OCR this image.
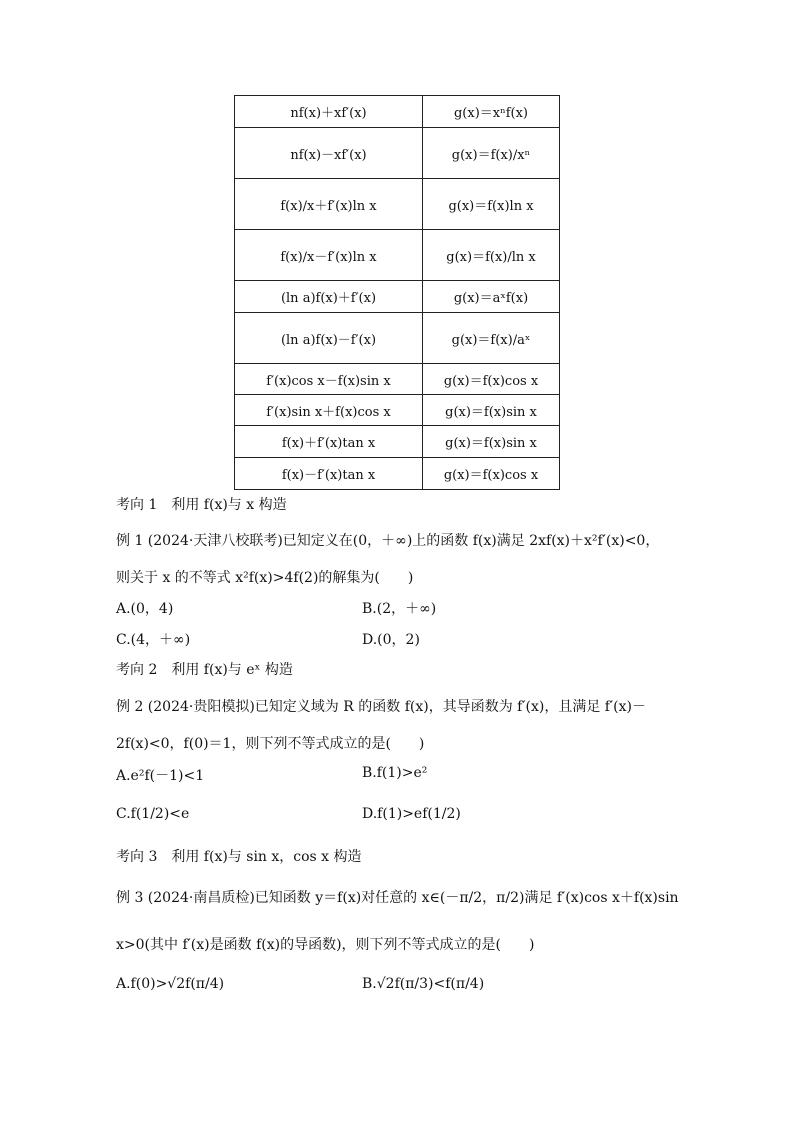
nf(x)＋xf′(x)	g(x)＝xⁿf(x)
nf(x)－xf′(x)	g(x)＝f(x)/xⁿ
f(x)/x＋f′(x)ln x	g(x)＝f(x)ln x
f(x)/x－f′(x)ln x	g(x)＝f(x)/ln x
(ln a)f(x)＋f′(x)	g(x)＝aˣf(x)
(ln a)f(x)－f′(x)	g(x)＝f(x)/aˣ
f′(x)cos x－f(x)sin x	g(x)＝f(x)cos x
f′(x)sin x＋f(x)cos x	g(x)＝f(x)sin x
f(x)＋f′(x)tan x	g(x)＝f(x)sin x
f(x)－f′(x)tan x	g(x)＝f(x)cos x
考向 1　利用 f(x)与 x 构造
例 1 (2024·天津八校联考)已知定义在(0，＋∞)上的函数 f(x)满足 2xf(x)＋x²f′(x)<0，
则关于 x 的不等式 x²f(x)>4f(2)的解集为(　　)
A.(0，4)	B.(2，＋∞)
C.(4，＋∞)	D.(0，2)
考向 2　利用 f(x)与 eˣ 构造
例 2 (2024·贵阳模拟)已知定义域为 R 的函数 f(x)，其导函数为 f′(x)，且满足 f′(x)－
2f(x)<0，f(0)＝1，则下列不等式成立的是(　　)
A.e²f(－1)<1	B.f(1)>e²
C.f(1/2)<e	D.f(1)>ef(1/2)
考向 3　利用 f(x)与 sin x，cos x 构造
例 3 (2024·南昌质检)已知函数 y＝f(x)对任意的 x∈(－π/2，π/2)满足 f′(x)cos x＋f(x)sin
x>0(其中 f′(x)是函数 f(x)的导函数)，则下列不等式成立的是(　　)
A.f(0)>√2f(π/4)	B.√2f(π/3)<f(π/4)
